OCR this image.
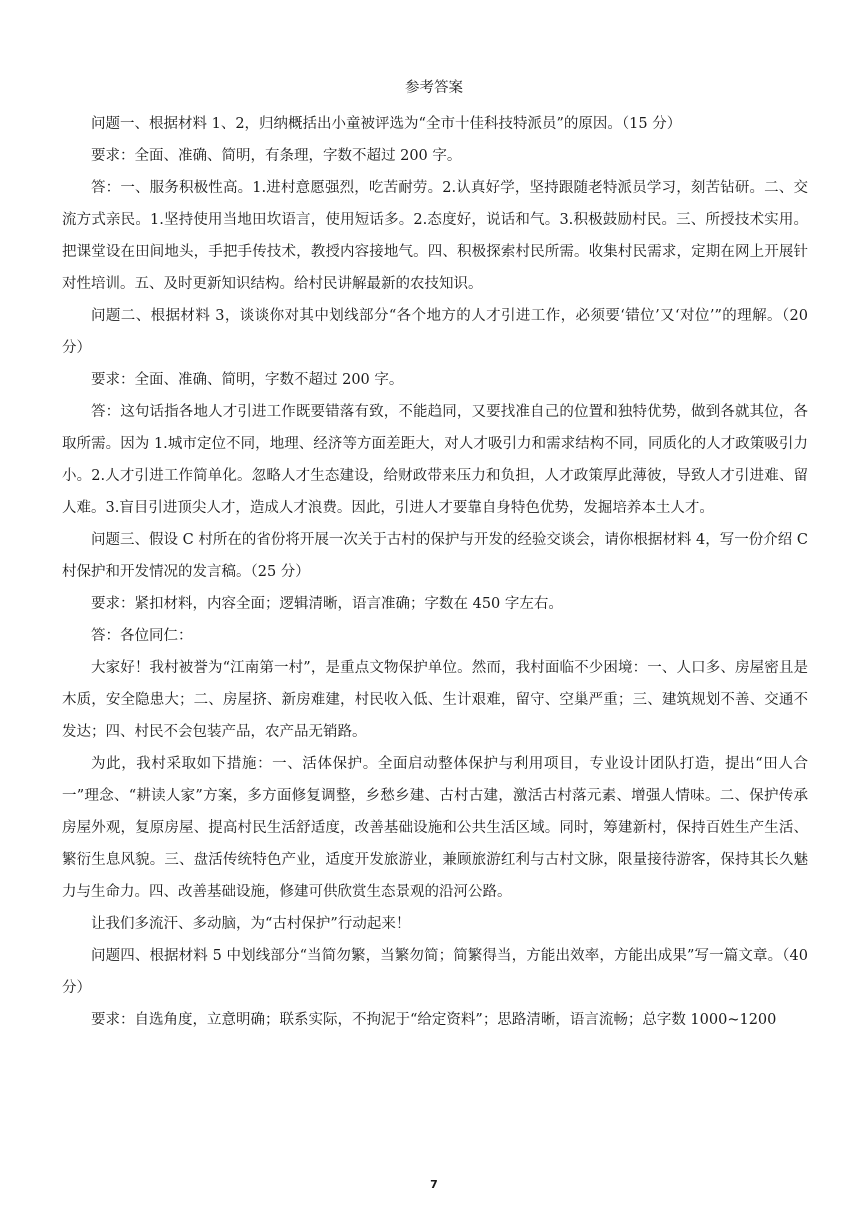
参考答案

问题一、根据材料 1、2，归纳概括出小童被评选为“全市十佳科技特派员”的原因。（15 分）

要求：全面、准确、简明，有条理，字数不超过 200 字。

答：一、服务积极性高。1.进村意愿强烈，吃苦耐劳。2.认真好学，坚持跟随老特派员学习，刻苦钻研。二、交流方式亲民。1.坚持使用当地田坎语言，使用短话多。2.态度好，说话和气。3.积极鼓励村民。三、所授技术实用。把课堂设在田间地头，手把手传技术，教授内容接地气。四、积极探索村民所需。收集村民需求，定期在网上开展针对性培训。五、及时更新知识结构。给村民讲解最新的农技知识。

问题二、根据材料 3，谈谈你对其中划线部分“各个地方的人才引进工作，必须要‘错位’又‘对位’”的理解。（20 分）

要求：全面、准确、简明，字数不超过 200 字。

答：这句话指各地人才引进工作既要错落有致，不能趋同，又要找准自己的位置和独特优势，做到各就其位，各取所需。因为 1.城市定位不同，地理、经济等方面差距大，对人才吸引力和需求结构不同，同质化的人才政策吸引力小。2.人才引进工作简单化。忽略人才生态建设，给财政带来压力和负担，人才政策厚此薄彼，导致人才引进难、留人难。3.盲目引进顶尖人才，造成人才浪费。因此，引进人才要靠自身特色优势，发掘培养本土人才。

问题三、假设 C 村所在的省份将开展一次关于古村的保护与开发的经验交谈会，请你根据材料 4，写一份介绍 C 村保护和开发情况的发言稿。（25 分）

要求：紧扣材料，内容全面；逻辑清晰，语言准确；字数在 450 字左右。

答：各位同仁：

大家好！我村被誉为“江南第一村”，是重点文物保护单位。然而，我村面临不少困境：一、人口多、房屋密且是木质，安全隐患大；二、房屋挤、新房难建，村民收入低、生计艰难，留守、空巢严重；三、建筑规划不善、交通不发达；四、村民不会包装产品，农产品无销路。

为此，我村采取如下措施：一、活体保护。全面启动整体保护与利用项目，专业设计团队打造，提出“田人合一”理念、“耕读人家”方案，多方面修复调整，乡愁乡建、古村古建，激活古村落元素、增强人情味。二、保护传承房屋外观，复原房屋、提高村民生活舒适度，改善基础设施和公共生活区域。同时，筹建新村，保持百姓生产生活、繁衍生息风貌。三、盘活传统特色产业，适度开发旅游业，兼顾旅游红利与古村文脉，限量接待游客，保持其长久魅力与生命力。四、改善基础设施，修建可供欣赏生态景观的沿河公路。

让我们多流汗、多动脑，为“古村保护”行动起来！

问题四、根据材料 5 中划线部分“当简勿繁，当繁勿简；简繁得当，方能出效率，方能出成果”写一篇文章。（40 分）

要求：自选角度，立意明确；联系实际，不拘泥于“给定资料”；思路清晰，语言流畅；总字数 1000~1200

7
